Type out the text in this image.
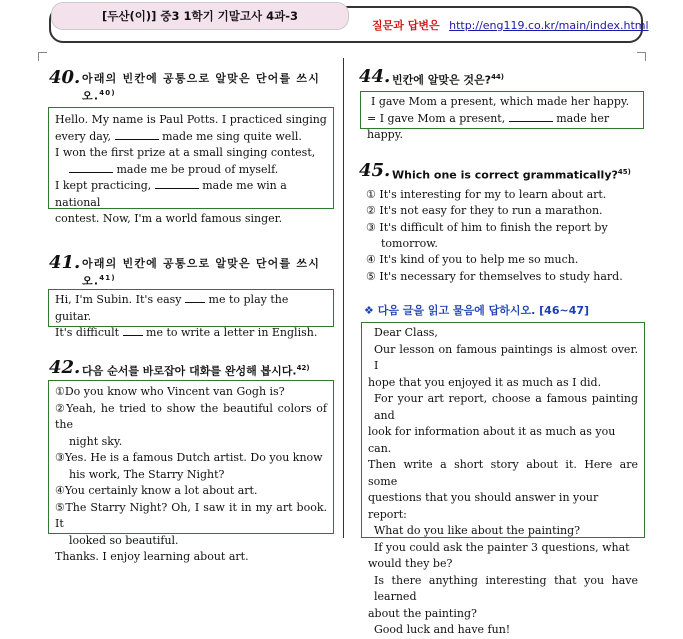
[두산(이)] 중3 1학기 기말고사 4과-3
질문과 답변은 http://eng119.co.kr/main/index.html
40. 아래의 빈칸에 공통으로 알맞은 단어를 쓰시오.$^{40)}$
Hello. My name is Paul Potts. I practiced singing
every day,	made me sing quite well.
I won the first prize at a small singing contest,
made me be proud of myself.
I kept practicing,	made me win a national
contest. Now, I'm a world famous singer.
41. 아래의 빈칸에 공통으로 알맞은 단어를 쓰시오.$^{41)}$
Hi, I'm Subin. It's easy me to play the guitar.
It's difficult me to write a letter in English.
42. 다음 순서를 바로잡아 대화를 완성해 봅시다.$^{42)}$
①Do you know who Vincent van Gogh is?
②Yeah, he tried to show the beautiful colors of the
night sky.
③Yes. He is a famous Dutch artist. Do you know
his work, The Starry Night?
④You certainly know a lot about art.
⑤The Starry Night? Oh, I saw it in my art book. It
looked so beautiful.
Thanks. I enjoy learning about art.
44. 빈칸에 알맞은 것은?$^{44)}$
I gave Mom a present, which made her happy.
= I gave Mom a present,	made her happy.
45. Which one is correct grammatically?$^{45)}$
① It's interesting for my to learn about art.
② It's not easy for they to run a marathon.
③ It's difficult of him to finish the report by
tomorrow.
④ It's kind of you to help me so much.
⑤ It's necessary for themselves to study hard.
❖ 다음 글을 읽고 물음에 답하시오. [46~47]
Dear Class,
Our lesson on famous paintings is almost over. I
hope that you enjoyed it as much as I did.
For your art report, choose a famous painting and
look for information about it as much as you can.
Then write a short story about it. Here are some
questions that you should answer in your report:
What do you like about the painting?
If you could ask the painter 3 questions, what
would they be?
Is there anything interesting that you have learned
about the painting?
Good luck and have fun!
